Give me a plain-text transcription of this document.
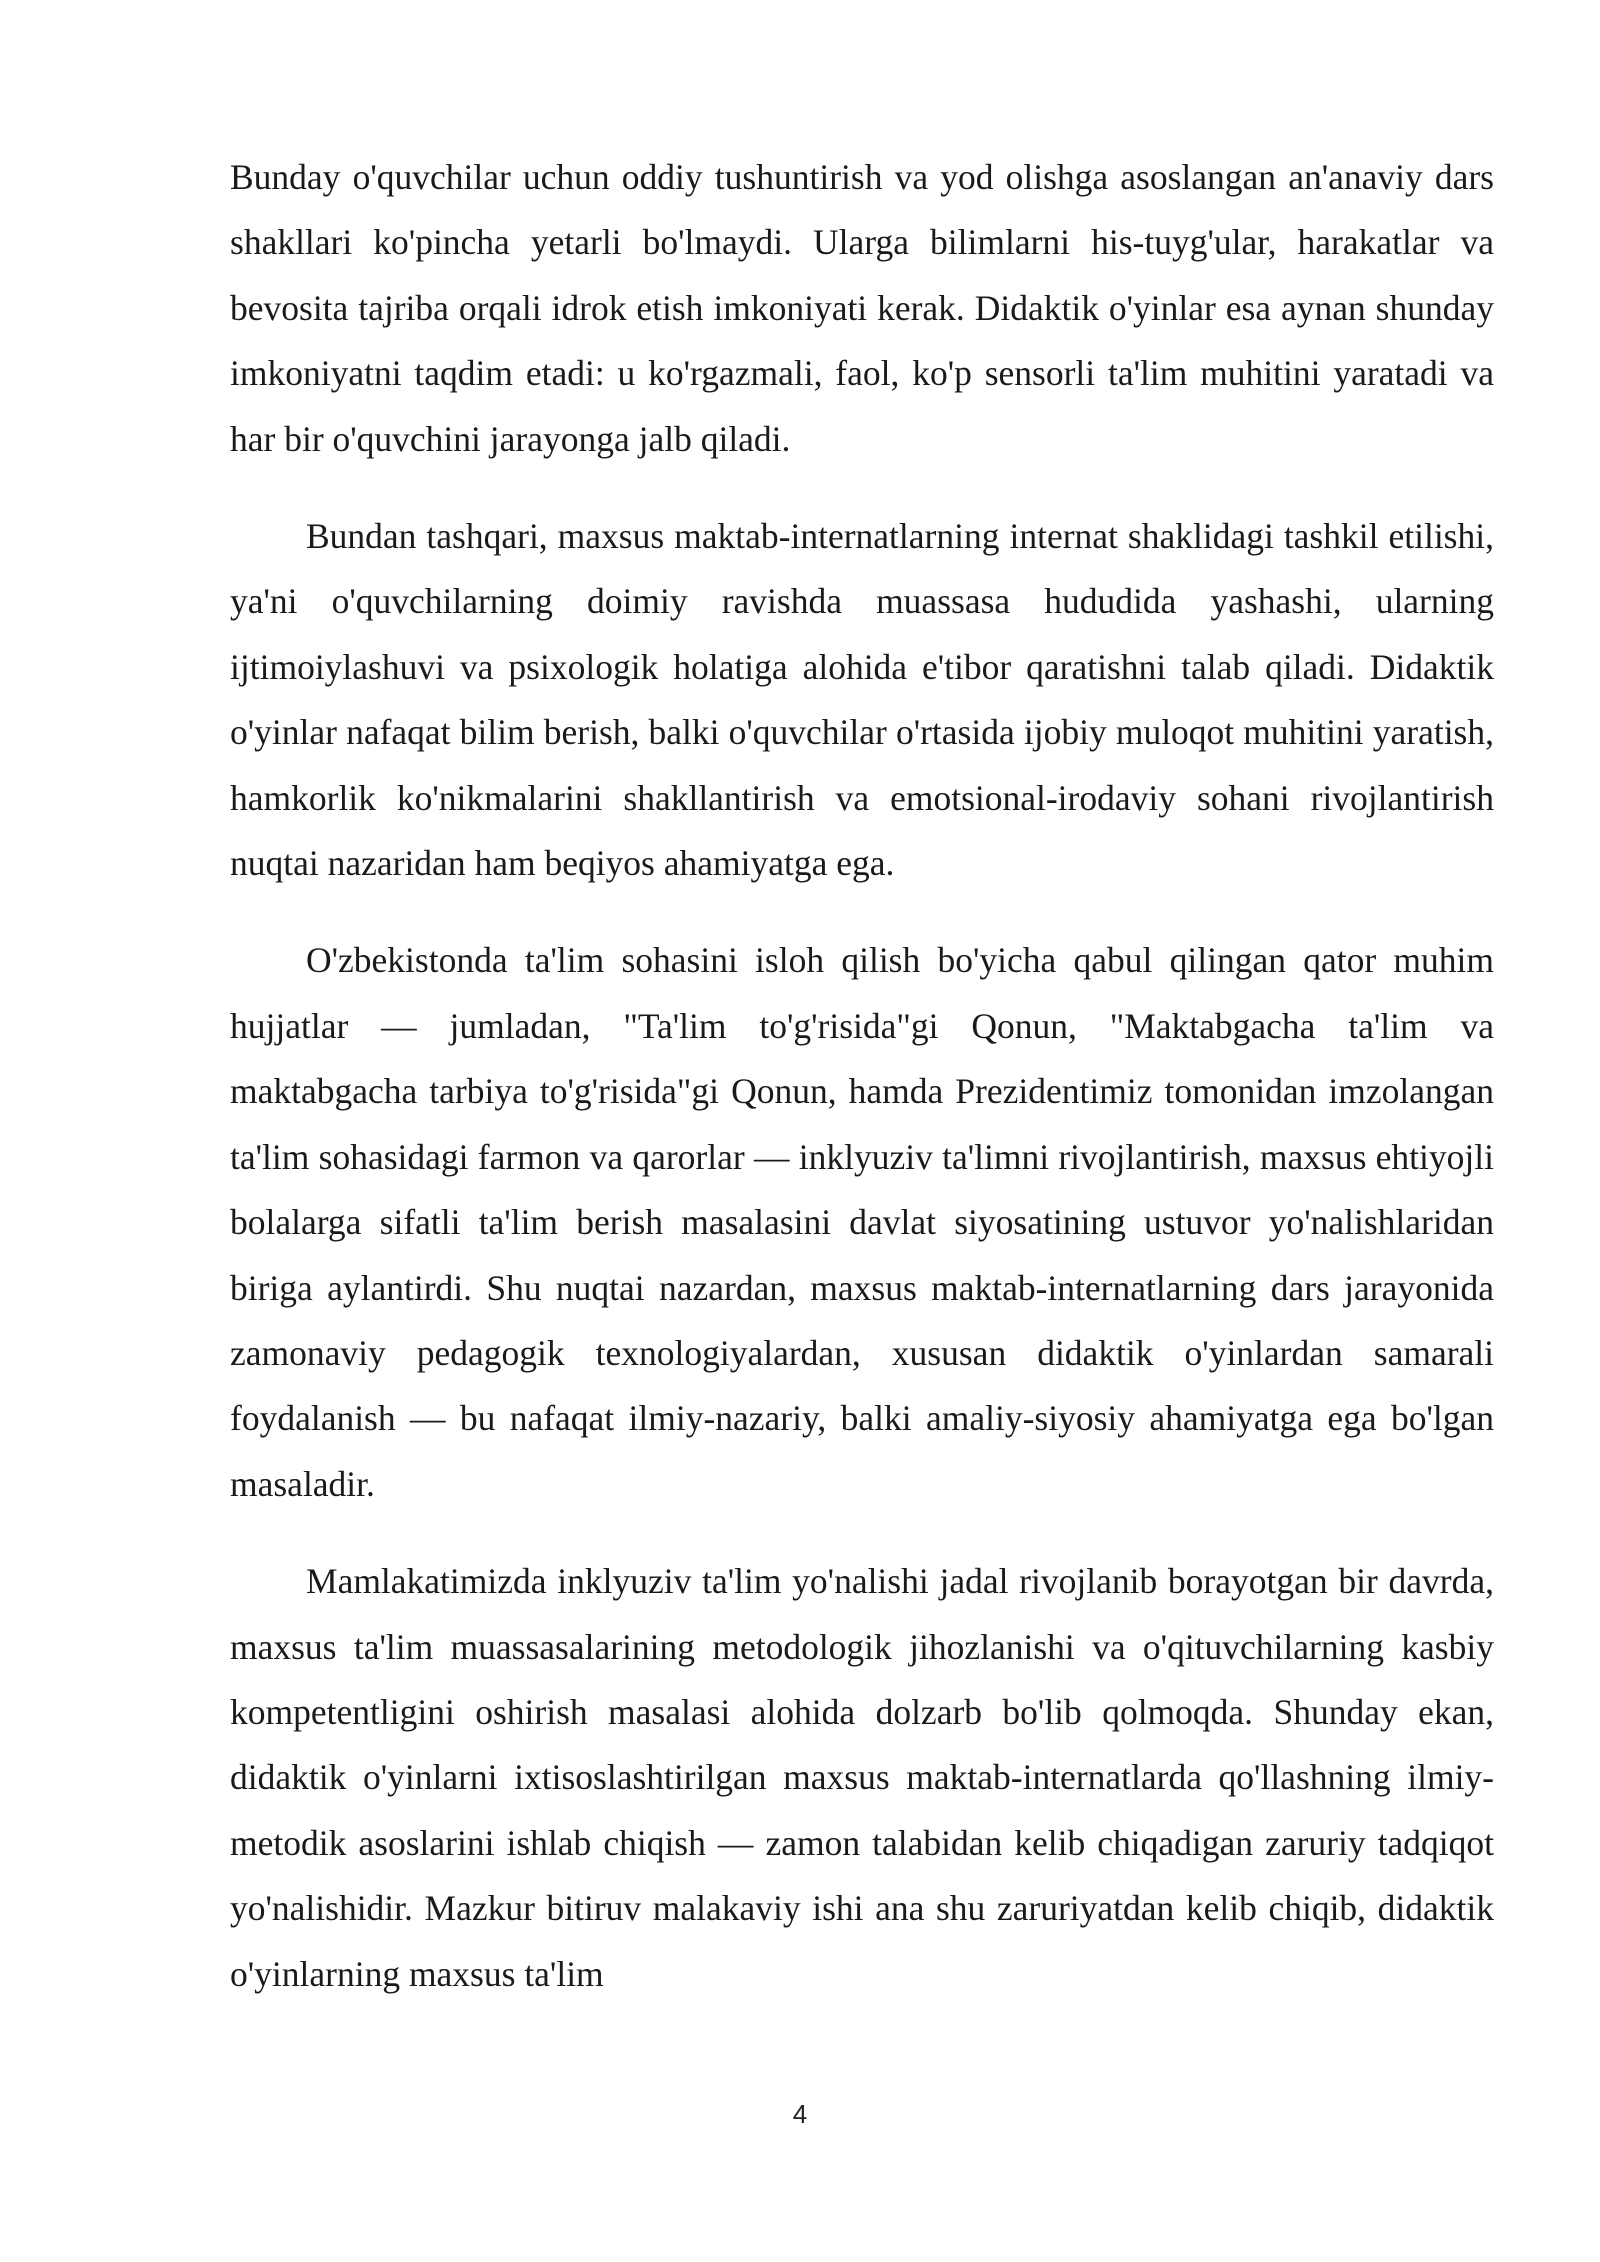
Bunday o'quvchilar uchun oddiy tushuntirish va yod olishga asoslangan an'anaviy dars shakllari ko'pincha yetarli bo'lmaydi. Ularga bilimlarni his-tuyg'ular, harakatlar va bevosita tajriba orqali idrok etish imkoniyati kerak. Didaktik o'yinlar esa aynan shunday imkoniyatni taqdim etadi: u ko'rgazmali, faol, ko'p sensorli ta'lim muhitini yaratadi va har bir o'quvchini jarayonga jalb qiladi.

Bundan tashqari, maxsus maktab-internatlarning internat shaklidagi tashkil etilishi, ya'ni o'quvchilarning doimiy ravishda muassasa hududida yashashi, ularning ijtimoiylashuvi va psixologik holatiga alohida e'tibor qaratishni talab qiladi. Didaktik o'yinlar nafaqat bilim berish, balki o'quvchilar o'rtasida ijobiy muloqot muhitini yaratish, hamkorlik ko'nikmalarini shakllantirish va emotsional-irodaviy sohani rivojlantirish nuqtai nazaridan ham beqiyos ahamiyatga ega.

O'zbekistonda ta'lim sohasini isloh qilish bo'yicha qabul qilingan qator muhim hujjatlar — jumladan, "Ta'lim to'g'risida"gi Qonun, "Maktabgacha ta'lim va maktabgacha tarbiya to'g'risida"gi Qonun, hamda Prezidentimiz tomonidan imzolangan ta'lim sohasidagi farmon va qarorlar — inklyuziv ta'limni rivojlantirish, maxsus ehtiyojli bolalarga sifatli ta'lim berish masalasini davlat siyosatining ustuvor yo'nalishlaridan biriga aylantirdi. Shu nuqtai nazardan, maxsus maktab-internatlarning dars jarayonida zamonaviy pedagogik texnologiyalardan, xususan didaktik o'yinlardan samarali foydalanish — bu nafaqat ilmiy-nazariy, balki amaliy-siyosiy ahamiyatga ega bo'lgan masaladir.

Mamlakatimizda inklyuziv ta'lim yo'nalishi jadal rivojlanib borayotgan bir davrda, maxsus ta'lim muassasalarining metodologik jihozlanishi va o'qituvchilarning kasbiy kompetentligini oshirish masalasi alohida dolzarb bo'lib qolmoqda. Shunday ekan, didaktik o'yinlarni ixtisoslashtirilgan maxsus maktab-internatlarda qo'llashning ilmiy-metodik asoslarini ishlab chiqish — zamon talabidan kelib chiqadigan zaruriy tadqiqot yo'nalishidir. Mazkur bitiruv malakaviy ishi ana shu zaruriyatdan kelib chiqib, didaktik o'yinlarning maxsus ta'lim

4
